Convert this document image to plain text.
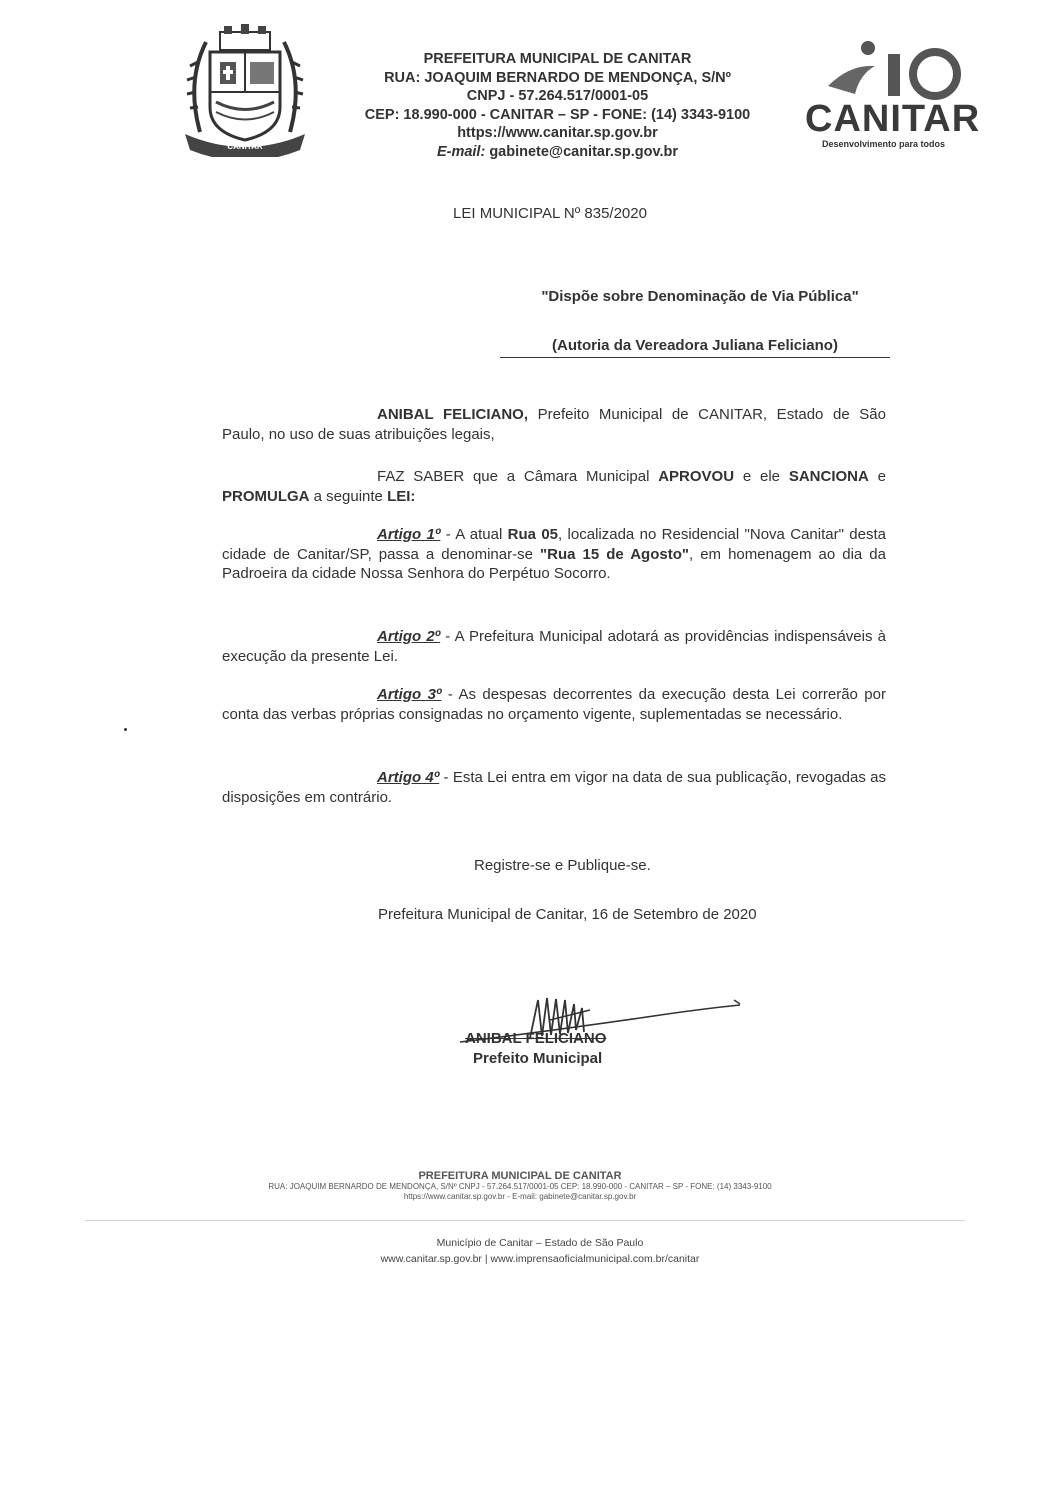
CANITAR
PREFEITURA MUNICIPAL DE CANITAR
RUA: JOAQUIM BERNARDO DE MENDONÇA, S/Nº
CNPJ - 57.264.517/0001-05
CEP: 18.990-000 - CANITAR – SP - FONE: (14) 3343-9100
https://www.canitar.sp.gov.br
E-mail: gabinete@canitar.sp.gov.br
CANITAR
Desenvolvimento para todos
LEI MUNICIPAL Nº 835/2020
"Dispõe sobre Denominação de Via Pública"
(Autoria da Vereadora Juliana Feliciano)
ANIBAL FELICIANO, Prefeito Municipal de CANITAR, Estado de São Paulo, no uso de suas atribuições legais,
FAZ SABER que a Câmara Municipal APROVOU e ele SANCIONA e PROMULGA a seguinte LEI:
Artigo 1º - A atual Rua 05, localizada no Residencial "Nova Canitar" desta cidade de Canitar/SP, passa a denominar-se "Rua 15 de Agosto", em homenagem ao dia da Padroeira da cidade Nossa Senhora do Perpétuo Socorro.
Artigo 2º - A Prefeitura Municipal adotará as providências indispensáveis à execução da presente Lei.
Artigo 3º - As despesas decorrentes da execução desta Lei correrão por conta das verbas próprias consignadas no orçamento vigente, suplementadas se necessário.
Artigo 4º - Esta Lei entra em vigor na data de sua publicação, revogadas as disposições em contrário.
Registre-se e Publique-se.
Prefeitura Municipal de Canitar, 16 de Setembro de 2020
ANIBAL FELICIANO
Prefeito Municipal
PREFEITURA MUNICIPAL DE CANITAR
RUA: JOAQUIM BERNARDO DE MENDONÇA, S/Nº CNPJ - 57.264.517/0001-05 CEP: 18.990-000 - CANITAR – SP - FONE: (14) 3343-9100
https://www.canitar.sp.gov.br - E-mail: gabinete@canitar.sp.gov.br
Município de Canitar – Estado de São Paulo
www.canitar.sp.gov.br | www.imprensaoficialmunicipal.com.br/canitar
